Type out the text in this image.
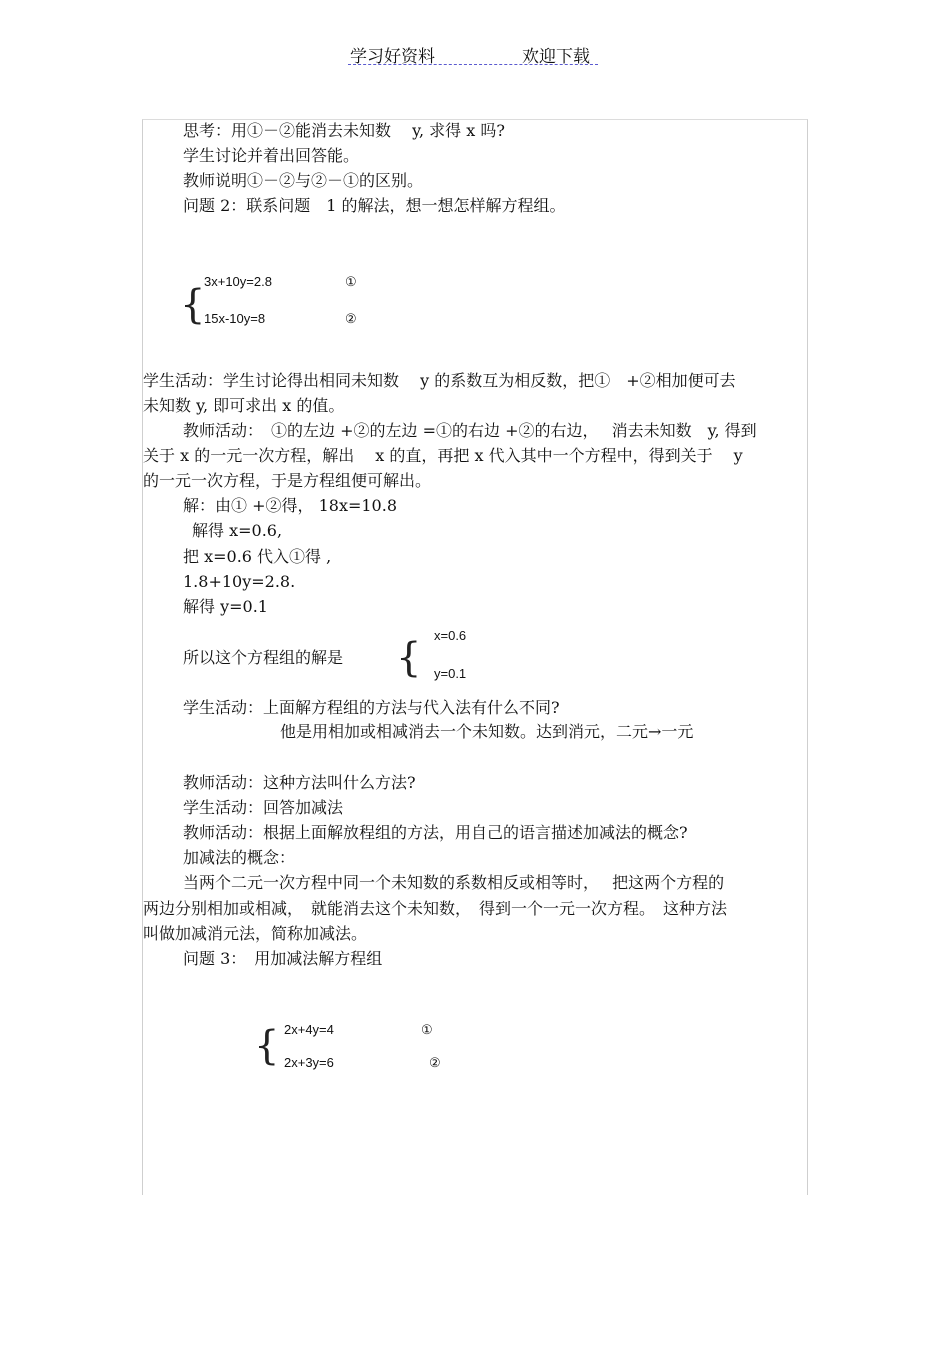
学习好资料	欢迎下载
思考：用①－②能消去未知数　 y, 求得 x 吗?
学生讨论并着出回答能。
教师说明①－②与②－①的区别。
问题 2：联系问题　1 的解法，想一想怎样解方程组。
{
3x+10y=2.8	①
15x-10y=8	②
学生活动：学生讨论得出相同未知数　 y 的系数互为相反数，把①　+②相加便可去
未知数 y, 即可求出 x 的值。
教师活动：　①的左边 +②的左边 =①的右边 +②的右边，　 消去未知数　y, 得到
关于 x 的一元一次方程，解出　 x 的直，再把 x 代入其中一个方程中，得到关于　 y
的一元一次方程，于是方程组便可解出。
解：由① +②得， 18x=10.8
解得 x=0.6,
把 x=0.6 代入①得 ,
1.8+10y=2.8.
解得 y=0.1
所以这个方程组的解是 { x=0.6
y=0.1
学生活动：上面解方程组的方法与代入法有什么不同?
他是用相加或相减消去一个未知数。达到消元，二元→一元
教师活动：这种方法叫什么方法?
学生活动：回答加减法
教师活动：根据上面解放程组的方法，用自己的语言描述加减法的概念?
加减法的概念：
当两个二元一次方程中同一个未知数的系数相反或相等时，　 把这两个方程的
两边分别相加或相减，　就能消去这个未知数，　得到一个一元一次方程。　这种方法
叫做加减消元法，简称加减法。
问题 3：　用加减法解方程组
{ 2x+4y=4	①
2x+3y=6	②
